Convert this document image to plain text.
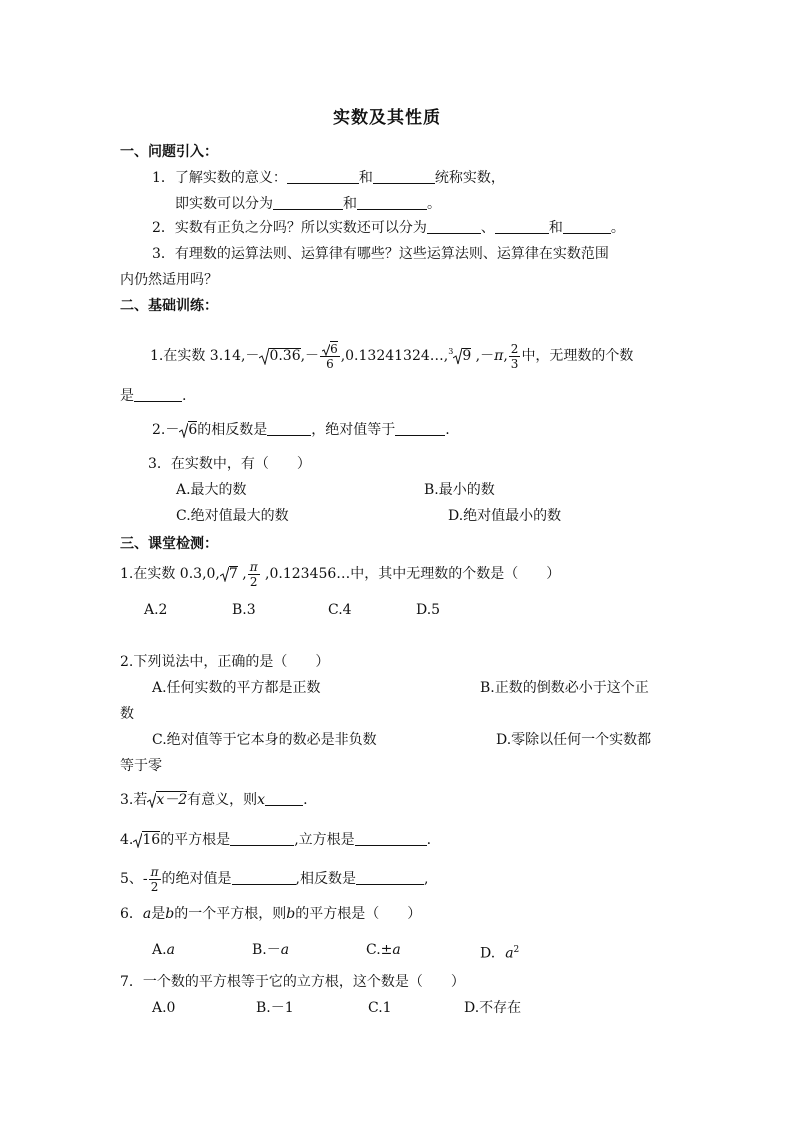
实数及其性质
一、问题引入：
1．了解实数的意义：	和	统称实数，
即实数可以分为	和	。
2．实数有正负之分吗？所以实数还可以分为	、	和	。
3．有理数的运算法则、运算律有哪些？这些运算法则、运算律在实数范围
内仍然适用吗？
二、基础训练：
1.在实数 $3.14,- 0.36,- \frac{6}{6}$ ,0.13241324…,$^3$ 9 ,－π, $\frac{2}{3}$ 中，无理数的个数
是	.
2.－ 6的相反数是	，绝对值等于	.
3．在实数中，有（　　）
A.最大的数	B.最小的数
C.绝对值最大的数	D.绝对值最小的数
三、课堂检测：
1.在实数 0.3,0, 7 , $\frac{\pi}{2}$ ,0.123456…中，其中无理数的个数是（　　）
A.2	B.3	C.4	D.5
2.下列说法中，正确的是（　　）
A.任何实数的平方都是正数	B.正数的倒数必小于这个正
数
C.绝对值等于它本身的数必是非负数	D.零除以任何一个实数都
等于零
3.若 x－2有意义，则x	.
4. 16的平方根是	,立方根是	.
5、- $\frac{\pi}{2}$ 的绝对值是	,相反数是	,
6．a是b的一个平方根，则b的平方根是（　　）
A.a	B.－a	C.±a	D. $a^2$
7．一个数的平方根等于它的立方根，这个数是（　　）
A.0	B.－1	C.1	D.不存在
